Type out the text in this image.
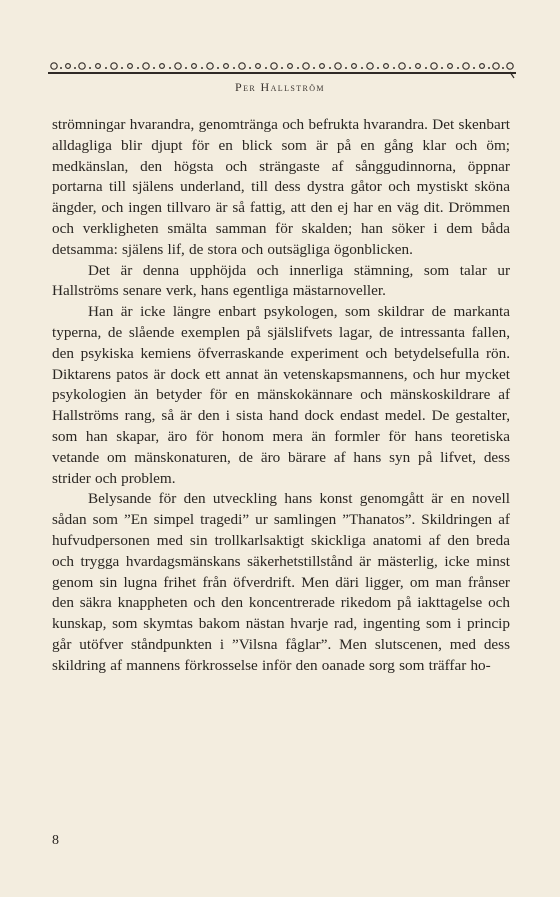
Per Hallström

strömningar hvarandra, genomtränga och befrukta hvarandra. Det skenbart alldagliga blir djupt för en blick som är på en gång klar och öm; medkänslan, den högsta och strängaste af sånggudinnorna, öppnar portarna till själens underland, till dess dystra gåtor och mystiskt sköna ängder, och ingen tillvaro är så fattig, att den ej har en väg dit. Drömmen och verkligheten smälta samman för skalden; han söker i dem båda detsamma: själens lif, de stora och outsägliga ögonblicken.

Det är denna upphöjda och innerliga stämning, som talar ur Hallströms senare verk, hans egentliga mästarnoveller.

Han är icke längre enbart psykologen, som skildrar de markanta typerna, de slående exemplen på själslifvets lagar, de intressanta fallen, den psykiska kemiens öfverraskande experiment och betydelsefulla rön. Diktarens patos är dock ett annat än vetenskapsmannens, och hur mycket psykologien än betyder för en mänskokännare och mänskoskildrare af Hallströms rang, så är den i sista hand dock endast medel. De gestalter, som han skapar, äro för honom mera än formler för hans teoretiska vetande om mänskonaturen, de äro bärare af hans syn på lifvet, dess strider och problem.

Belysande för den utveckling hans konst genomgått är en novell sådan som ”En simpel tragedi” ur samlingen ”Thanatos”. Skildringen af hufvudpersonen med sin trollkarlsaktigt skickliga anatomi af den breda och trygga hvardagsmänskans säkerhetstillstånd är mästerlig, icke minst genom sin lugna frihet från öfverdrift. Men däri ligger, om man frånser den säkra knappheten och den koncentrerade rikedom på iakttagelse och kunskap, som skymtas bakom nästan hvarje rad, ingenting som i princip går utöfver ståndpunkten i ”Vilsna fåglar”. Men slutscenen, med dess skildring af mannens förkrosselse inför den oanade sorg som träffar ho-

8
